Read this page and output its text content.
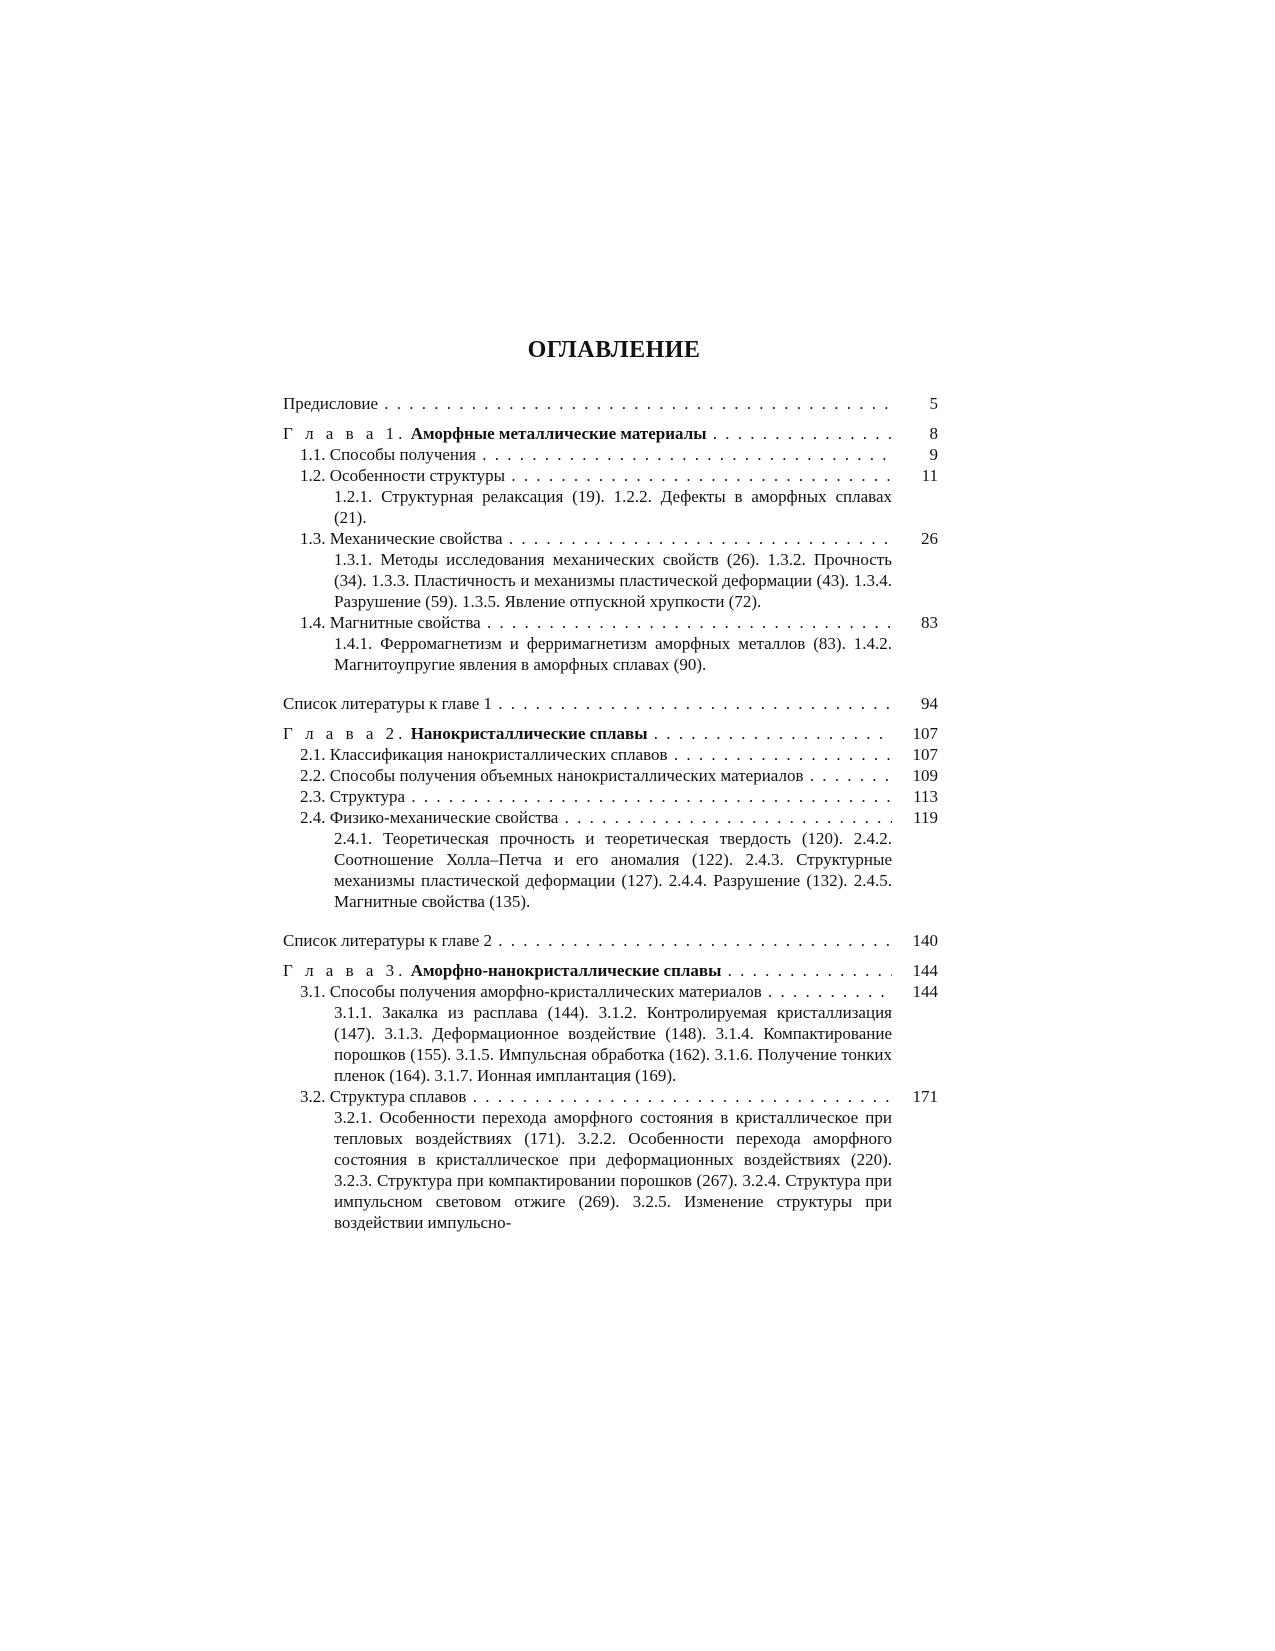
ОГЛАВЛЕНИЕ
Предисловие . . .	5
Г л а в а 1. Аморфные металлические материалы . . .	8
1.1. Способы получения . . .	9
1.2. Особенности структуры . . .	11
1.2.1. Структурная релаксация (19). 1.2.2. Дефекты в аморфных сплавах (21).
1.3. Механические свойства . . .	26
1.3.1. Методы исследования механических свойств (26). 1.3.2. Прочность (34). 1.3.3. Пластичность и механизмы пластической деформации (43). 1.3.4. Разрушение (59). 1.3.5. Явление отпускной хрупкости (72).
1.4. Магнитные свойства . . .	83
1.4.1. Ферромагнетизм и ферримагнетизм аморфных металлов (83). 1.4.2. Магнитоупругие явления в аморфных сплавах (90).
Список литературы к главе 1 . . .	94
Г л а в а 2. Нанокристаллические сплавы . . .	107
2.1. Классификация нанокристаллических сплавов . . .	107
2.2. Способы получения объемных нанокристаллических материалов . . .	109
2.3. Структура . . .	113
2.4. Физико-механические свойства . . .	119
2.4.1. Теоретическая прочность и теоретическая твердость (120). 2.4.2. Соотношение Холла–Петча и его аномалия (122). 2.4.3. Структурные механизмы пластической деформации (127). 2.4.4. Разрушение (132). 2.4.5. Магнитные свойства (135).
Список литературы к главе 2 . . .	140
Г л а в а 3. Аморфно-нанокристаллические сплавы . . .	144
3.1. Способы получения аморфно-кристаллических материалов . . .	144
3.1.1. Закалка из расплава (144). 3.1.2. Контролируемая кристаллизация (147). 3.1.3. Деформационное воздействие (148). 3.1.4. Компактирование порошков (155). 3.1.5. Импульсная обработка (162). 3.1.6. Получение тонких пленок (164). 3.1.7. Ионная имплантация (169).
3.2. Структура сплавов . . .	171
3.2.1. Особенности перехода аморфного состояния в кристаллическое при тепловых воздействиях (171). 3.2.2. Особенности перехода аморфного состояния в кристаллическое при деформационных воздействиях (220). 3.2.3. Структура при компактировании порошков (267). 3.2.4. Структура при импульсном световом отжиге (269). 3.2.5. Изменение структуры при воздействии импульсно-
